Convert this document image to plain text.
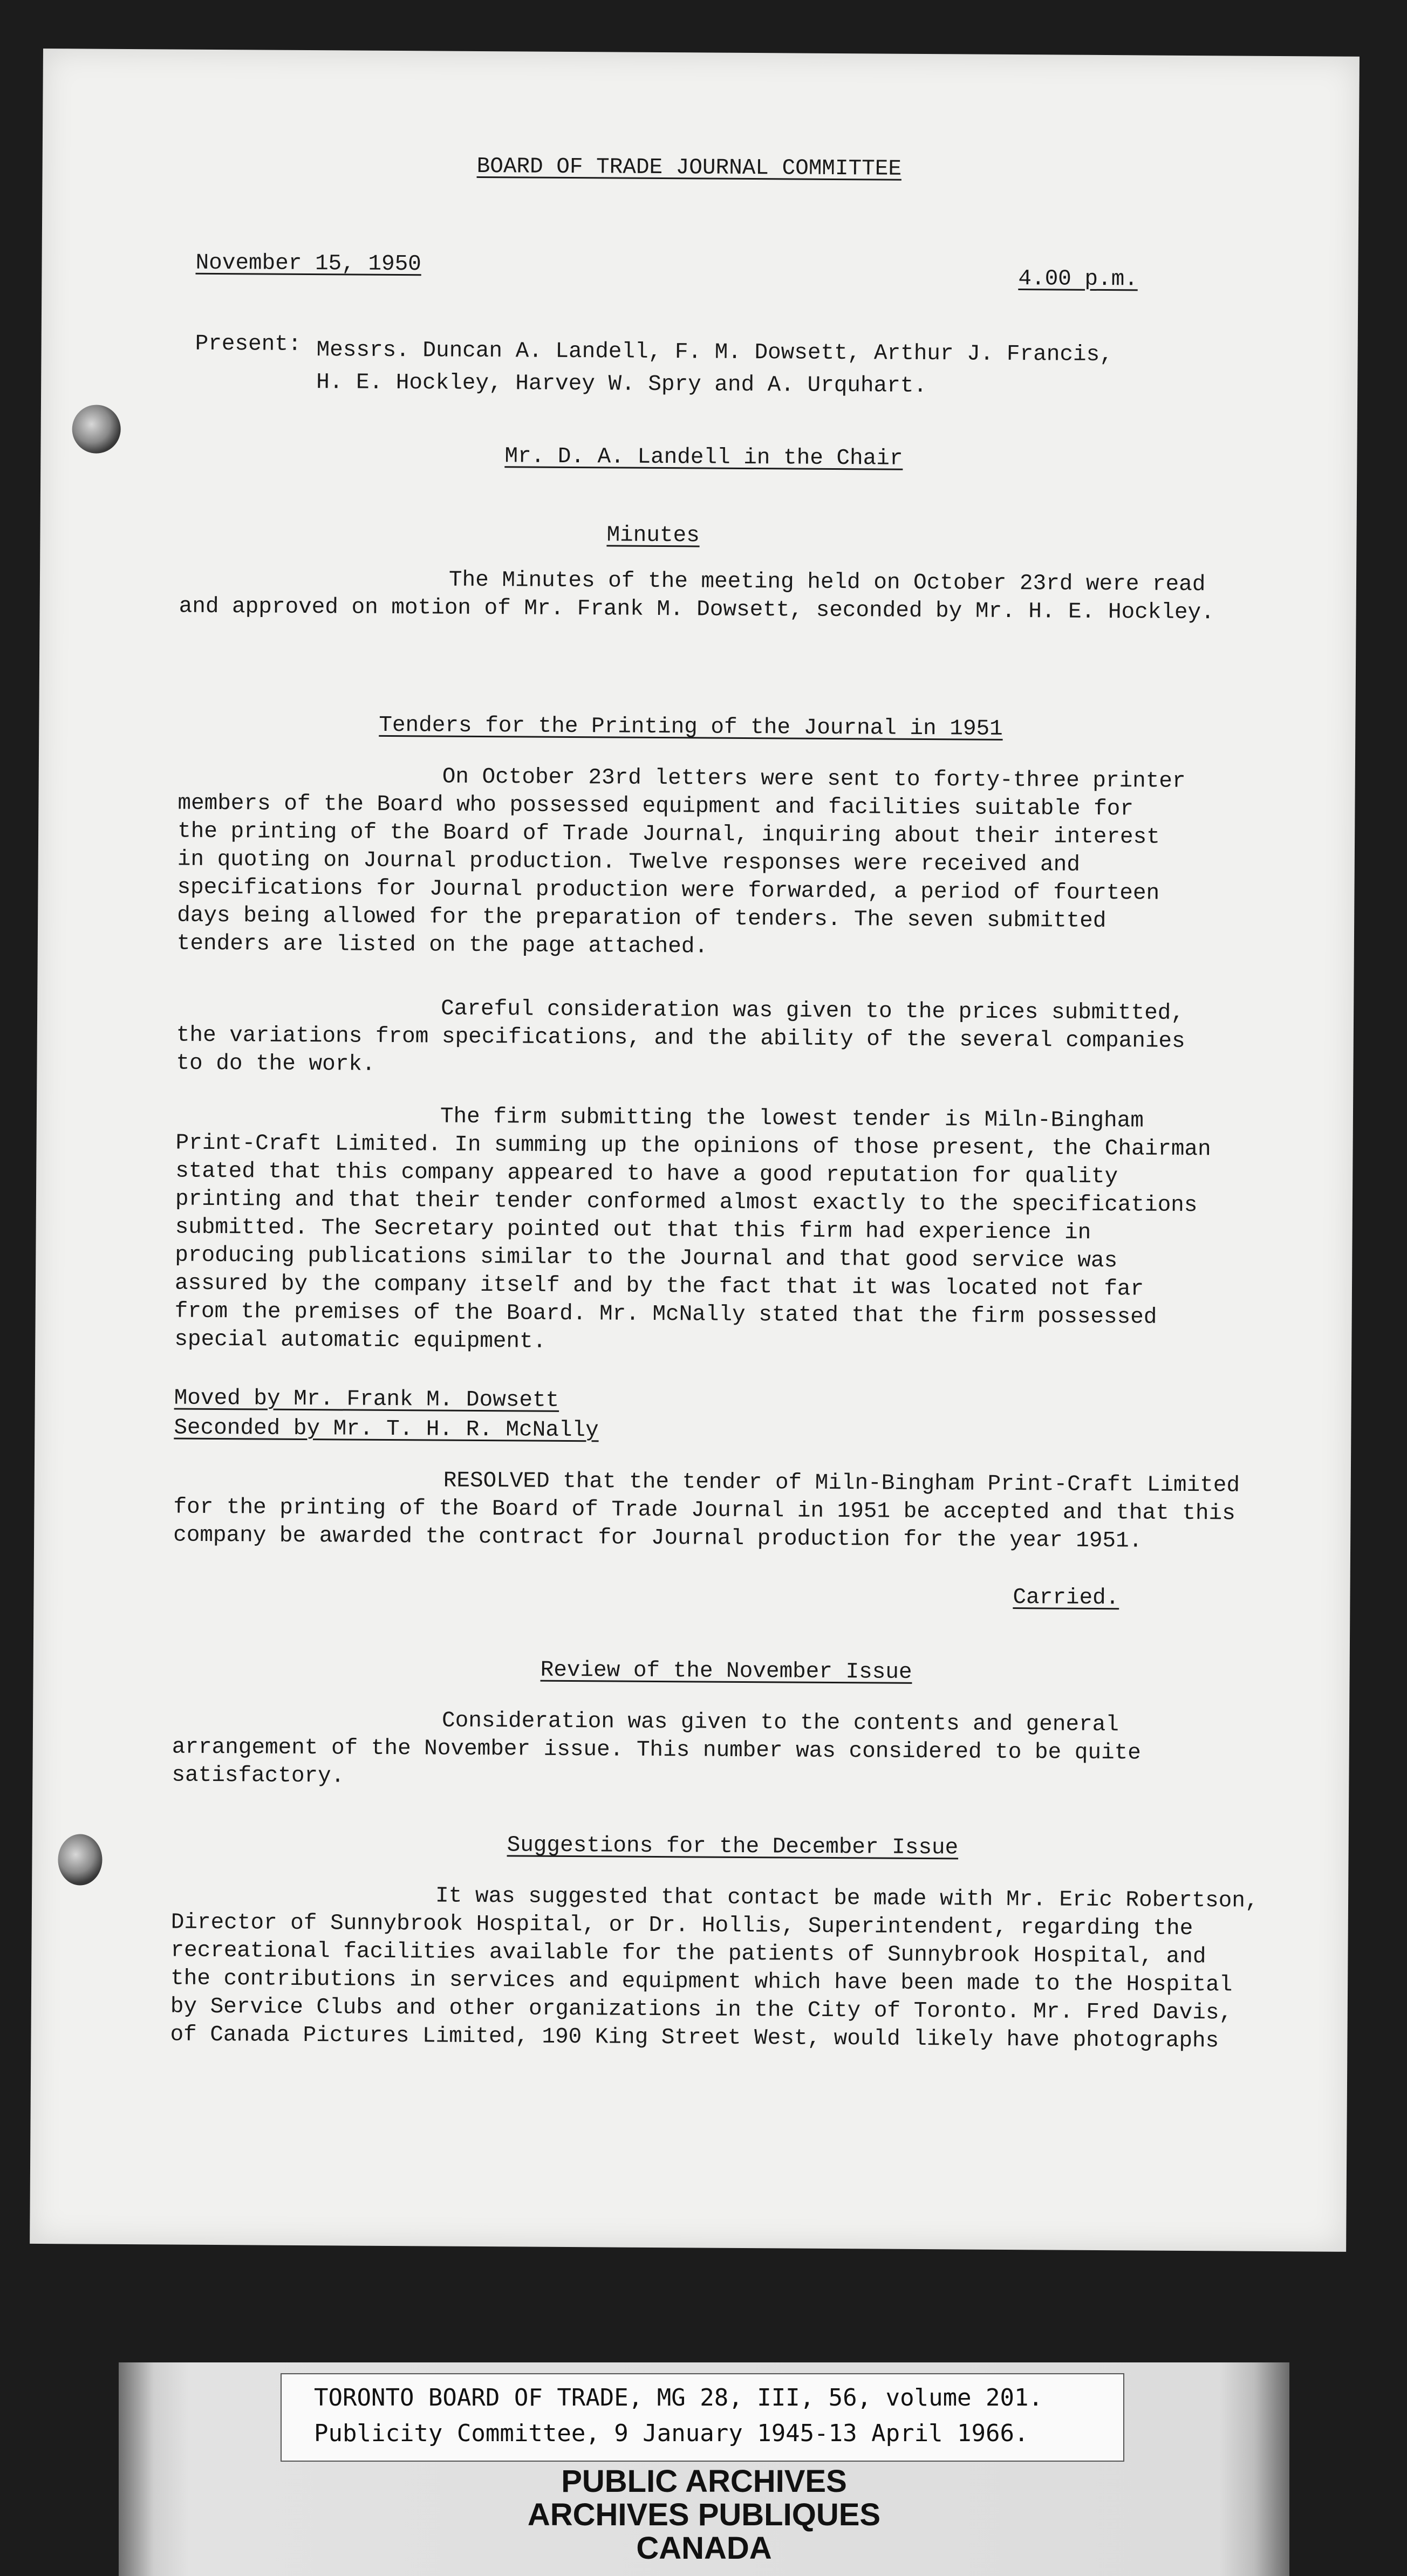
BOARD OF TRADE JOURNAL COMMITTEE
November 15, 1950
4.00 p.m.
Present: Messrs. Duncan A. Landell, F. M. Dowsett, Arthur J. Francis,
H. E. Hockley, Harvey W. Spry and A. Urquhart.
Mr. D. A. Landell in the Chair
Minutes
The Minutes of the meeting held on October 23rd were read
and approved on motion of Mr. Frank M. Dowsett, seconded by Mr. H. E. Hockley.
Tenders for the Printing of the Journal in 1951
On October 23rd letters were sent to forty-three printer
members of the Board who possessed equipment and facilities suitable for
the printing of the Board of Trade Journal, inquiring about their interest
in quoting on Journal production. Twelve responses were received and
specifications for Journal production were forwarded, a period of fourteen
days being allowed for the preparation of tenders. The seven submitted
tenders are listed on the page attached.
Careful consideration was given to the prices submitted,
the variations from specifications, and the ability of the several companies
to do the work.
The firm submitting the lowest tender is Miln-Bingham
Print-Craft Limited. In summing up the opinions of those present, the Chairman
stated that this company appeared to have a good reputation for quality
printing and that their tender conformed almost exactly to the specifications
submitted. The Secretary pointed out that this firm had experience in
producing publications similar to the Journal and that good service was
assured by the company itself and by the fact that it was located not far
from the premises of the Board. Mr. McNally stated that the firm possessed
special automatic equipment.
Moved by Mr. Frank M. Dowsett
Seconded by Mr. T. H. R. McNally
RESOLVED that the tender of Miln-Bingham Print-Craft Limited
for the printing of the Board of Trade Journal in 1951 be accepted and that this
company be awarded the contract for Journal production for the year 1951.
Carried.
Review of the November Issue
Consideration was given to the contents and general
arrangement of the November issue. This number was considered to be quite
satisfactory.
Suggestions for the December Issue
It was suggested that contact be made with Mr. Eric Robertson,
Director of Sunnybrook Hospital, or Dr. Hollis, Superintendent, regarding the
recreational facilities available for the patients of Sunnybrook Hospital, and
the contributions in services and equipment which have been made to the Hospital
by Service Clubs and other organizations in the City of Toronto. Mr. Fred Davis,
of Canada Pictures Limited, 190 King Street West, would likely have photographs
TORONTO BOARD OF TRADE, MG 28, III, 56, volume 201.
Publicity Committee, 9 January 1945-13 April 1966.
PUBLIC ARCHIVES
ARCHIVES PUBLIQUES
CANADA
